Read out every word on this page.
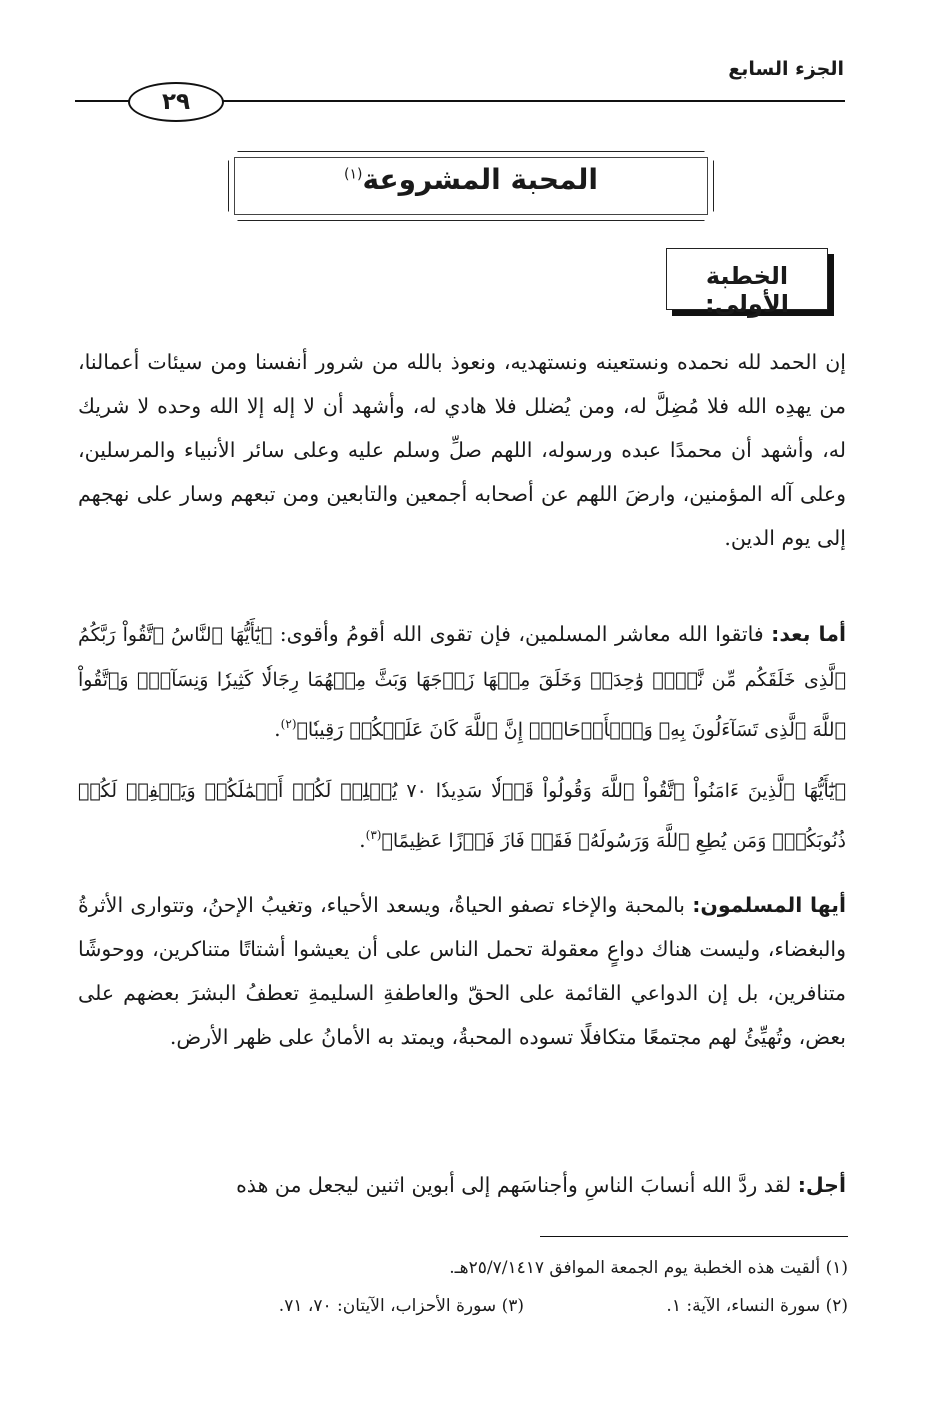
الجزء السابع
٢٩
المحبة المشروعة$^{(١)}$
الخطبة الأولى:
إن الحمد لله نحمده ونستعينه ونستهديه، ونعوذ بالله من شرور أنفسنا ومن سيئات أعمالنا، من يهدِه الله فلا مُضِلَّ له، ومن يُضلل فلا هادي له، وأشهد أن لا إله إلا الله وحده لا شريك له، وأشهد أن محمدًا عبده ورسوله، اللهم صلِّ وسلم عليه وعلى سائر الأنبياء والمرسلين، وعلى آله المؤمنين، وارضَ اللهم عن أصحابه أجمعين والتابعين ومن تبعهم وسار على نهجهم إلى يوم الدين.
أما بعد: فاتقوا الله معاشر المسلمين، فإن تقوى الله أقومُ وأقوى: ﴿يَٰٓأَيُّهَا ٱلنَّاسُ ٱتَّقُواْ رَبَّكُمُ ٱلَّذِى خَلَقَكُم مِّن نَّفۡسٖ وَٰحِدَةٖ وَخَلَقَ مِنۡهَا زَوۡجَهَا وَبَثَّ مِنۡهُمَا رِجَالٗا كَثِيرٗا وَنِسَآءٗۚ وَٱتَّقُواْ ٱللَّهَ ٱلَّذِى تَسَآءَلُونَ بِهِۦ وَٱلۡأَرۡحَامَۚ إِنَّ ٱللَّهَ كَانَ عَلَيۡكُمۡ رَقِيبٗا﴾$^{(٢)}$.
﴿يَٰٓأَيُّهَا ٱلَّذِينَ ءَامَنُواْ ٱتَّقُواْ ٱللَّهَ وَقُولُواْ قَوۡلٗا سَدِيدٗا ٧٠ يُصۡلِحۡ لَكُمۡ أَعۡمَٰلَكُمۡ وَيَغۡفِرۡ لَكُمۡ ذُنُوبَكُمۡۗ وَمَن يُطِعِ ٱللَّهَ وَرَسُولَهُۥ فَقَدۡ فَازَ فَوۡزًا عَظِيمًا﴾$^{(٣)}$.
أيها المسلمون: بالمحبة والإخاء تصفو الحياةُ، ويسعد الأحياء، وتغيبُ الإحنُ، وتتوارى الأثرةُ والبغضاء، وليست هناك دواعٍ معقولة تحمل الناس على أن يعيشوا أشتاتًا متناكرين، ووحوشًا متنافرين، بل إن الدواعي القائمة على الحقّ والعاطفةِ السليمةِ تعطفُ البشرَ بعضهم على بعض، وتُهيِّئُ لهم مجتمعًا متكافلًا تسوده المحبةُ، ويمتد به الأمانُ على ظهر الأرض.
أجل: لقد ردَّ الله أنسابَ الناسِ وأجناسَهم إلى أبوين اثنين ليجعل من هذه
(١) ألقيت هذه الخطبة يوم الجمعة الموافق ٢٥/٧/١٤١٧هـ.
(٢) سورة النساء، الآية: ١.
(٣) سورة الأحزاب، الآيتان: ٧٠، ٧١.
